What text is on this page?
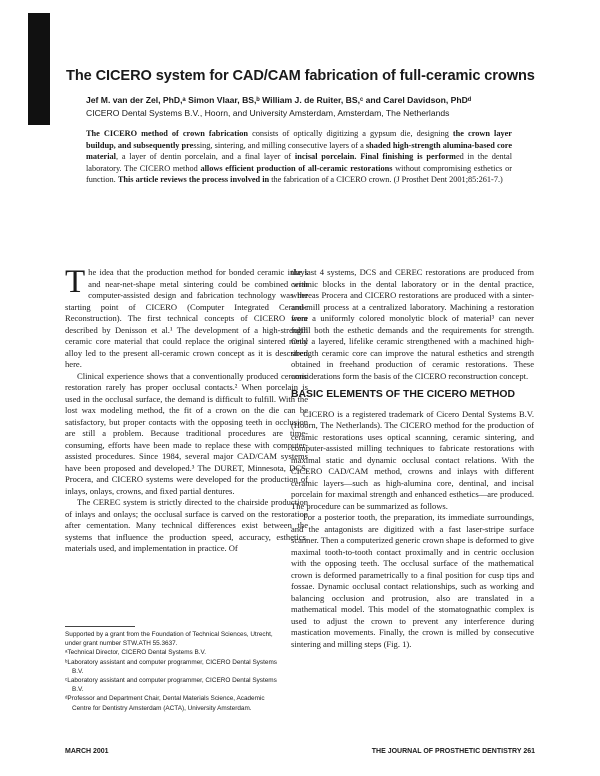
The CICERO system for CAD/CAM fabrication of full-ceramic crowns
Jef M. van der Zel, PhD,ᵃ Simon Vlaar, BS,ᵇ William J. de Ruiter, BS,ᶜ and Carel Davidson, PhDᵈ
CICERO Dental Systems B.V., Hoorn, and University Amsterdam, Amsterdam, The Netherlands
The CICERO method of crown fabrication consists of optically digitizing a gypsum die, designing the crown layer buildup, and subsequently pressing, sintering, and milling consecutive layers of a shaded high-strength alumina-based core material, a layer of dentin porcelain, and a final layer of incisal porcelain. Final finishing is performed in the dental laboratory. The CICERO method allows efficient production of all-ceramic restorations without compromising esthetics or function. This article reviews the process involved in the fabrication of a CICERO crown. (J Prosthet Dent 2001;85:261-7.)

The idea that the production method for bonded ceramic inlays and near-net-shape metal sintering could be combined with computer-assisted design and fabrication technology was the starting point of CICERO (Computer Integrated Ceramic Reconstruction). The first technical concepts of CICERO were described by Denisson et al.¹ The development of a high-strength ceramic core material that could replace the original sintered metal alloy led to the present all-ceramic crown concept as it is described here.

Clinical experience shows that a conventionally produced ceramic restoration rarely has proper occlusal contacts.² When porcelain is used in the occlusal surface, the demand is difficult to fulfill. With the lost wax modeling method, the fit of a crown on the die can be satisfactory, but proper contacts with the opposing teeth in occlusion are still a problem. Because traditional procedures are time-consuming, efforts have been made to replace these with computer-assisted procedures. Since 1984, several major CAD/CAM systems have been proposed and developed.³ The DURET, Minnesota, DCS, Procera, and CICERO systems were developed for the production of inlays, onlays, crowns, and fixed partial dentures.

The CEREC system is strictly directed to the chairside production of inlays and onlays; the occlusal surface is carved on the restoration after cementation. Many technical differences exist between the systems that influence the production speed, accuracy, esthetics, materials used, and implementation in practice. Of

the last 4 systems, DCS and CEREC restorations are produced from ceramic blocks in the dental laboratory or in the dental practice, whereas Procera and CICERO restorations are produced with a sinter-and-mill process at a centralized laboratory. Machining a restoration from a uniformly colored monolytic block of material³ can never fulfill both the esthetic demands and the requirements for strength. Only a layered, lifelike ceramic strengthened with a machined high-strength ceramic core can improve the natural esthetics and strength obtained in freehand production of ceramic restorations. These considerations form the basis of the CICERO reconstruction concept.

BASIC ELEMENTS OF THE CICERO METHOD

CICERO is a registered trademark of Cicero Dental Systems B.V. (Hoorn, The Netherlands). The CICERO method for the production of ceramic restorations uses optical scanning, ceramic sintering, and computer-assisted milling techniques to fabricate restorations with maximal static and dynamic occlusal contact relations. With the CICERO CAD/CAM method, crowns and inlays with different ceramic layers—such as high-alumina core, dentinal, and incisal porcelain for maximal strength and enhanced esthetics—are produced. The procedure can be summarized as follows.

For a posterior tooth, the preparation, its immediate surroundings, and the antagonists are digitized with a fast laser-stripe surface scanner. Then a computerized generic crown shape is deformed to give maximal tooth-to-tooth contact proximally and in centric occlusion with the opposing teeth. The occlusal surface of the mathematical crown is deformed parametrically to a final position for cusp tips and fossae. Dynamic occlusal contact relationships, such as working and balancing occlusion and protrusion, also are translated in a mathematical model. This model of the stomatognathic complex is used to adjust the crown to prevent any interference during mastication movements. Finally, the crown is milled by consecutive sintering and milling steps (Fig. 1).

Supported by a grant from the Foundation of Technical Sciences, Utrecht, under grant number STW.ATH 55.3637.

ᵃTechnical Director, CICERO Dental Systems B.V.

ᵇLaboratory assistant and computer programmer, CICERO Dental Systems B.V.

ᶜLaboratory assistant and computer programmer, CICERO Dental Systems B.V.

ᵈProfessor and Department Chair, Dental Materials Science, Academic Centre for Dentistry Amsterdam (ACTA), University Amsterdam.

MARCH 2001	THE JOURNAL OF PROSTHETIC DENTISTRY 261
